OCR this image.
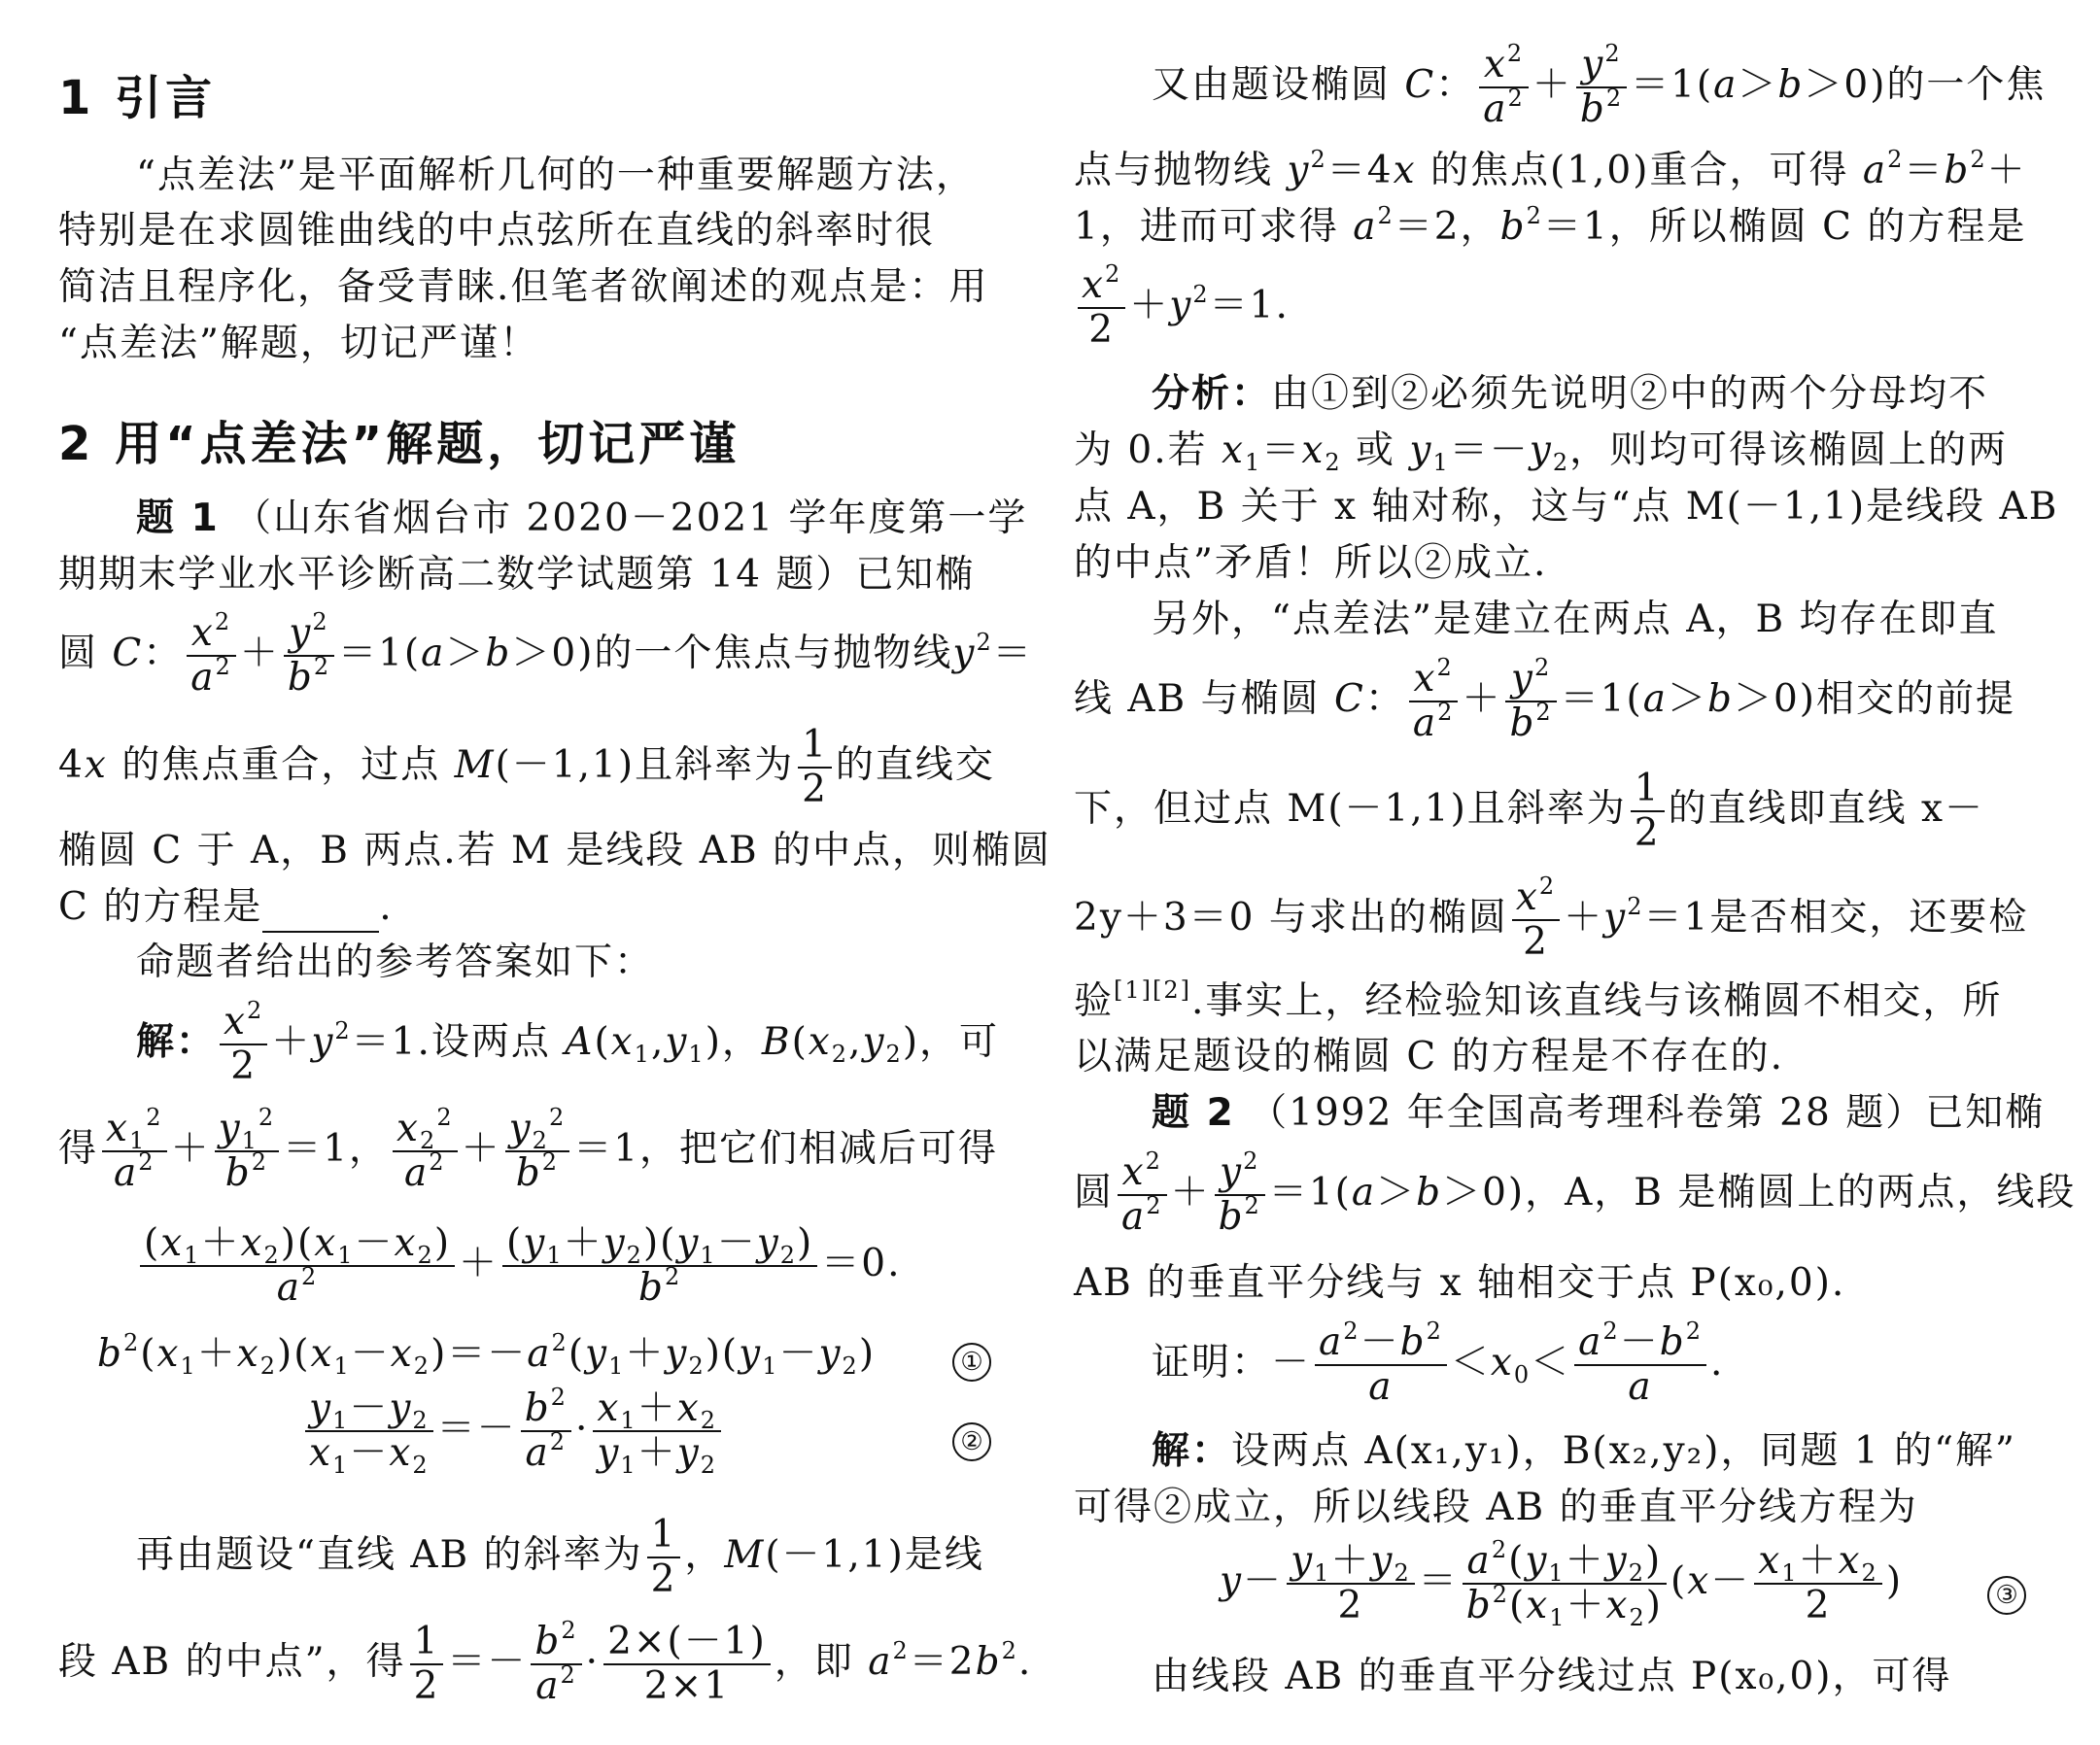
1 引言
“点差法”是平面解析几何的一种重要解题方法，
特别是在求圆锥曲线的中点弦所在直线的斜率时很
简洁且程序化，备受青睐.但笔者欲阐述的观点是：用
“点差法”解题，切记严谨！
2 用“点差法”解题，切记严谨
题 1 （山东省烟台市 2020－2021 学年度第一学
期期末学业水平诊断高二数学试题第 14 题）已知椭
圆 C： $\frac{x^2}{a^2} + \frac{y^2}{b^2} =1(a>b>0)$的一个焦点与抛物线$y^2=$
4x 的焦点重合，过点 M(－1,1)且斜率为 $\frac{1}{2}$ 的直线交
椭圆 C 于 A，B 两点.若 M 是线段 AB 的中点，则椭圆
C 的方程是	.
命题者给出的参考答案如下：
解： $\frac{x^2}{2} +y^2=1$.设两点 $A(x_1,y_1)$，$B(x_2,y_2)$，可
得 $\frac{x_1^2}{a^2} + \frac{y_1^2}{b^2} =1$， $\frac{x_2^2}{a^2} + \frac{y_2^2}{b^2} =1$，把它们相减后可得
$\frac{(x_1+x_2)(x_1-x_2)}{a^2} + \frac{(y_1+y_2)(y_1-y_2)}{b^2} =0$.
$b^2(x_1+x_2)(x_1-x_2)=-a^2(y_1+y_2)(y_1-y_2)$	①
$\frac{y_1-y_2}{x_1-x_2} =- \frac{b^2}{a^2} \cdot \frac{x_1+x_2}{y_1+y_2}$	②
再由题设“直线 AB 的斜率为 $\frac{1}{2}$ ，M(－1,1)是线
段 AB 的中点”，得 $\frac{1}{2} =- \frac{b^2}{a^2} \cdot \frac{2\times(-1)}{2\times 1}$ ，即 $a^2=2b^2$.
又由题设椭圆 C： $\frac{x^2}{a^2} + \frac{y^2}{b^2} =1(a>b>0)$的一个焦
点与抛物线 $y^2=4x$ 的焦点(1,0)重合，可得 $a^2=b^2+$
1，进而可求得 $a^2=2$，$b^2=1$，所以椭圆 C 的方程是
$\frac{x^2}{2} +y^2=1$.
分析：由①到②必须先说明②中的两个分母均不
为 0.若 $x_1=x_2$ 或 $y_1=-y_2$，则均可得该椭圆上的两
点 A，B 关于 x 轴对称，这与“点 M(－1,1)是线段 AB
的中点”矛盾！所以②成立.
另外，“点差法”是建立在两点 A，B 均存在即直
线 AB 与椭圆 C： $\frac{x^2}{a^2} + \frac{y^2}{b^2} =1(a>b>0)$相交的前提
下，但过点 M(－1,1)且斜率为 $\frac{1}{2}$ 的直线即直线 x－
2y＋3＝0 与求出的椭圆 $\frac{x^2}{2} +y^2=1$是否相交，还要检
验[1][2].事实上，经检验知该直线与该椭圆不相交，所
以满足题设的椭圆 C 的方程是不存在的.
题 2 （1992 年全国高考理科卷第 28 题）已知椭
圆 $\frac{x^2}{a^2} + \frac{y^2}{b^2} =1(a>b>0)$，A，B 是椭圆上的两点，线段
AB 的垂直平分线与 x 轴相交于点 P(x₀,0).
证明：－ $\frac{a^2-b^2}{a} <x_0< \frac{a^2-b^2}{a}$ .
解：设两点 A(x₁,y₁)，B(x₂,y₂)，同题 1 的“解”
可得②成立，所以线段 AB 的垂直平分线方程为
$y- \frac{y_1+y_2}{2} = \frac{a^2(y_1+y_2)}{b^2(x_1+x_2)} (x- \frac{x_1+x_2}{2}$ )	③
由线段 AB 的垂直平分线过点 P(x₀,0)，可得
